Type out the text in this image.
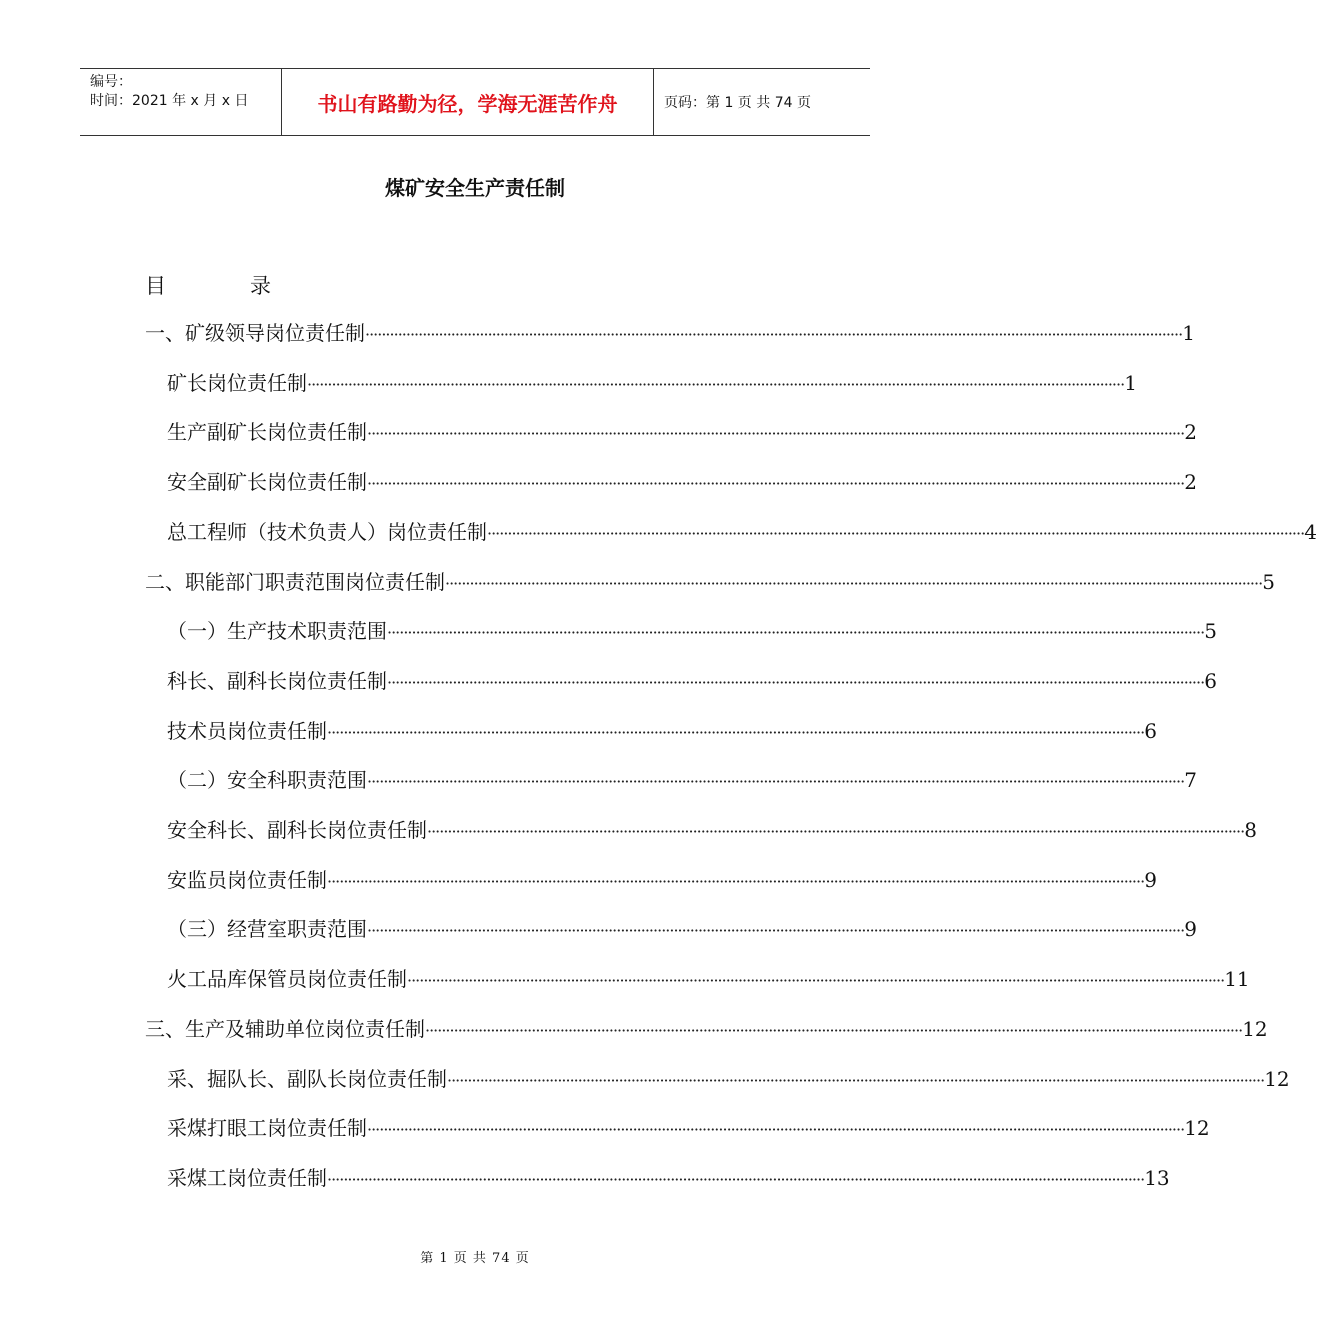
编号：
时间：2021 年 x 月 x 日	书山有路勤为径，学海无涯苦作舟	页码：第 1 页 共 74 页
煤矿安全生产责任制
目	录
一、矿级领导岗位责任制 ········································································································································································································ 1
矿长岗位责任制 ········································································································································································································ 1
生产副矿长岗位责任制 ········································································································································································································ 2
安全副矿长岗位责任制 ········································································································································································································ 2
总工程师（技术负责人）岗位责任制 ········································································································································································································ 4
二、职能部门职责范围岗位责任制 ········································································································································································································ 5
（一）生产技术职责范围 ········································································································································································································ 5
科长、副科长岗位责任制 ········································································································································································································ 6
技术员岗位责任制 ········································································································································································································ 6
（二）安全科职责范围 ········································································································································································································ 7
安全科长、副科长岗位责任制 ········································································································································································································ 8
安监员岗位责任制 ········································································································································································································ 9
（三）经营室职责范围 ········································································································································································································ 9
火工品库保管员岗位责任制 ········································································································································································································ 11
三、生产及辅助单位岗位责任制 ········································································································································································································ 12
采、掘队长、副队长岗位责任制 ········································································································································································································ 12
采煤打眼工岗位责任制 ········································································································································································································ 12
采煤工岗位责任制 ········································································································································································································ 13
第 1 页 共 74 页
